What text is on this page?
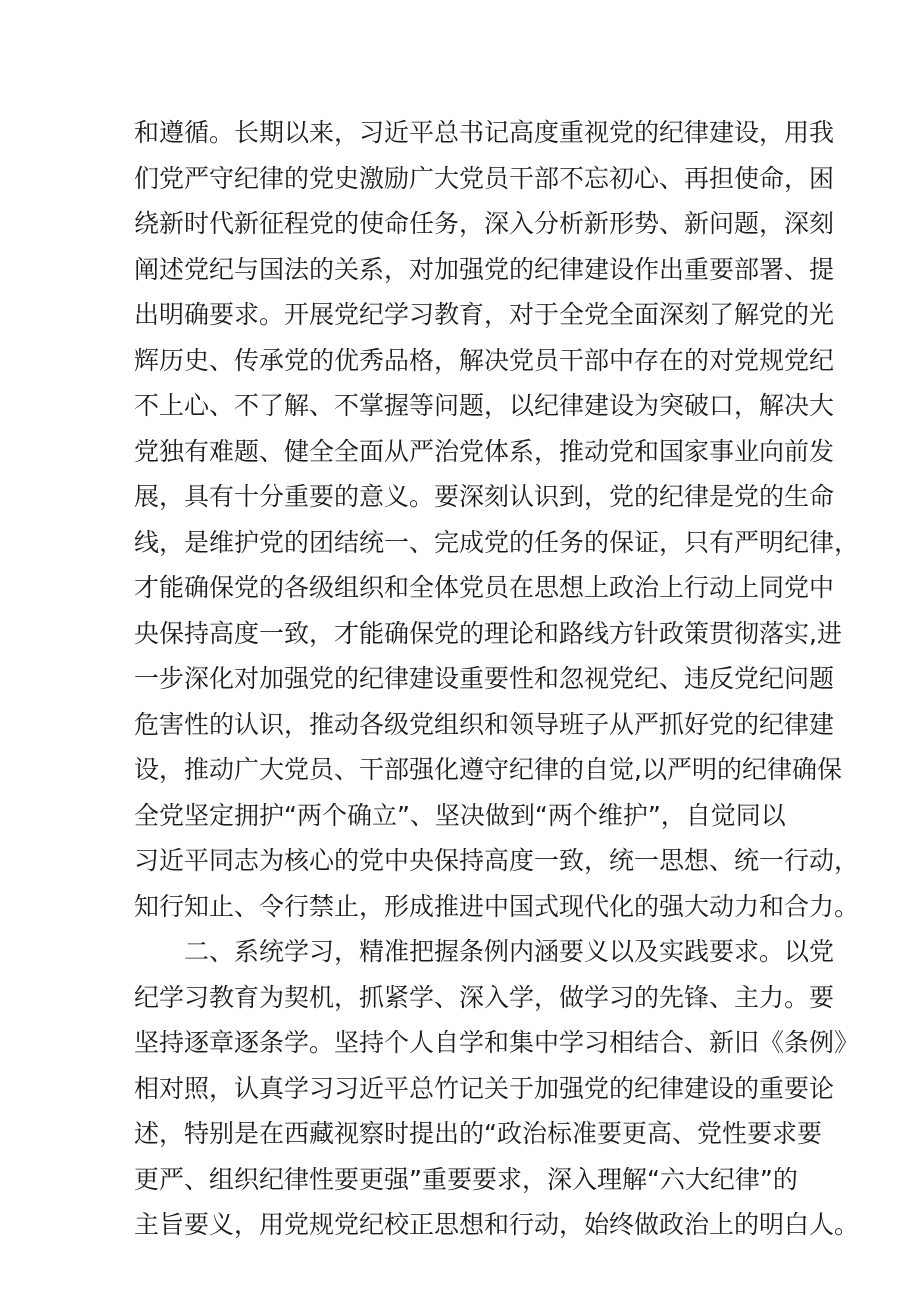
和遵循。长期以来，习近平总书记高度重视党的纪律建设，用我
们党严守纪律的党史激励广大党员干部不忘初心、再担使命，困
绕新时代新征程党的使命任务，深入分析新形势、新问题，深刻
阐述党纪与国法的关系，对加强党的纪律建设作出重要部署、提
出明确要求。开展党纪学习教育，对于全党全面深刻了解党的光
辉历史、传承党的优秀品格，解决党员干部中存在的对党规党纪
不上心、不了解、不掌握等问题，以纪律建设为突破口，解决大
党独有难题、健全全面从严治党体系，推动党和国家事业向前发
展，具有十分重要的意义。要深刻认识到，党的纪律是党的生命
线，是维护党的团结统一、完成党的任务的保证，只有严明纪律，
才能确保党的各级组织和全体党员在思想上政治上行动上同党中
央保持高度一致，才能确保党的理论和路线方针政策贯彻落实,进
一步深化对加强党的纪律建设重要性和忽视党纪、违反党纪问题
危害性的认识，推动各级党组织和领导班子从严抓好党的纪律建
设，推动广大党员、干部强化遵守纪律的自觉,以严明的纪律确保
全党坚定拥护“两个确立”、坚决做到“两个维护”，自觉同以
习近平同志为核心的党中央保持高度一致，统一思想、统一行动，
知行知止、令行禁止，形成推进中国式现代化的强大动力和合力。
二、系统学习，精准把握条例内涵要义以及实践要求。以党
纪学习教育为契机，抓紧学、深入学，做学习的先锋、主力。要
坚持逐章逐条学。坚持个人自学和集中学习相结合、新旧《条例》
相对照，认真学习习近平总竹记关于加强党的纪律建设的重要论
述，特别是在西藏视察时提出的“政治标准要更高、党性要求要
更严、组织纪律性要更强”重要要求，深入理解“六大纪律”的
主旨要义，用党规党纪校正思想和行动，始终做政治上的明白人。
